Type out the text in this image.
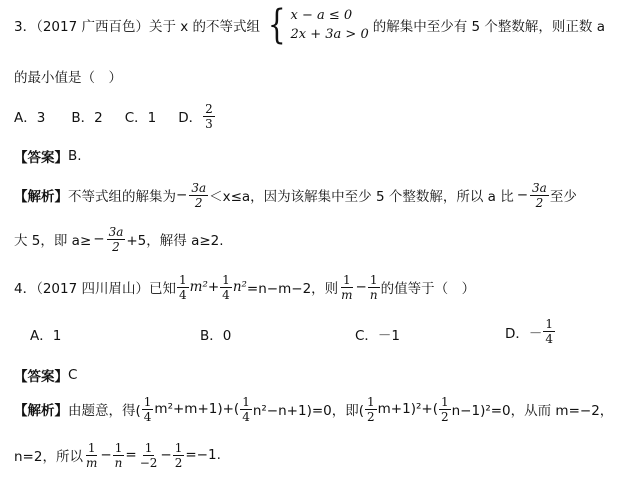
3．（2017 广西百色）关于 x 的不等式组 { x − a ≤ 0
2x + 3a > 0 的解集中至少有 5 个整数解，则正数 a
的最小值是（　）
A．3 B．2 C．1 D． $\frac{2}{3}$
【答案】 B.
【解析】 不等式组的解集为 − $\frac{3a}{2} <x\le a$，因为该解集中至少 5 个整数解，所以 a 比 − $\frac{3a}{2}$ 至少
大 5，即 $a\ge - \frac{3a}{2} +5$，解得 a≥2.
4．（2017 四川眉山）已知 $\frac{1}{4} m^2 + \frac{1}{4} n^2 =n-m-2$，则 $\frac{1}{m} - \frac{1}{n}$ 的值等于（　）
A．1	B．0	C．－1	D． － $\frac{1}{4}$
【答案】 C
【解析】 由题意，得( $\frac{1}{4} m^2+m+1)+( \frac{1}{4} n^2-n+1)=0$，即( $\frac{1}{2} m+1)^2+( \frac{1}{2} n-1)^2=0$，从而 m=−2，
n=2，所以 $\frac{1}{m} - \frac{1}{n} = \frac{1}{-2} - \frac{1}{2} =-1$.
